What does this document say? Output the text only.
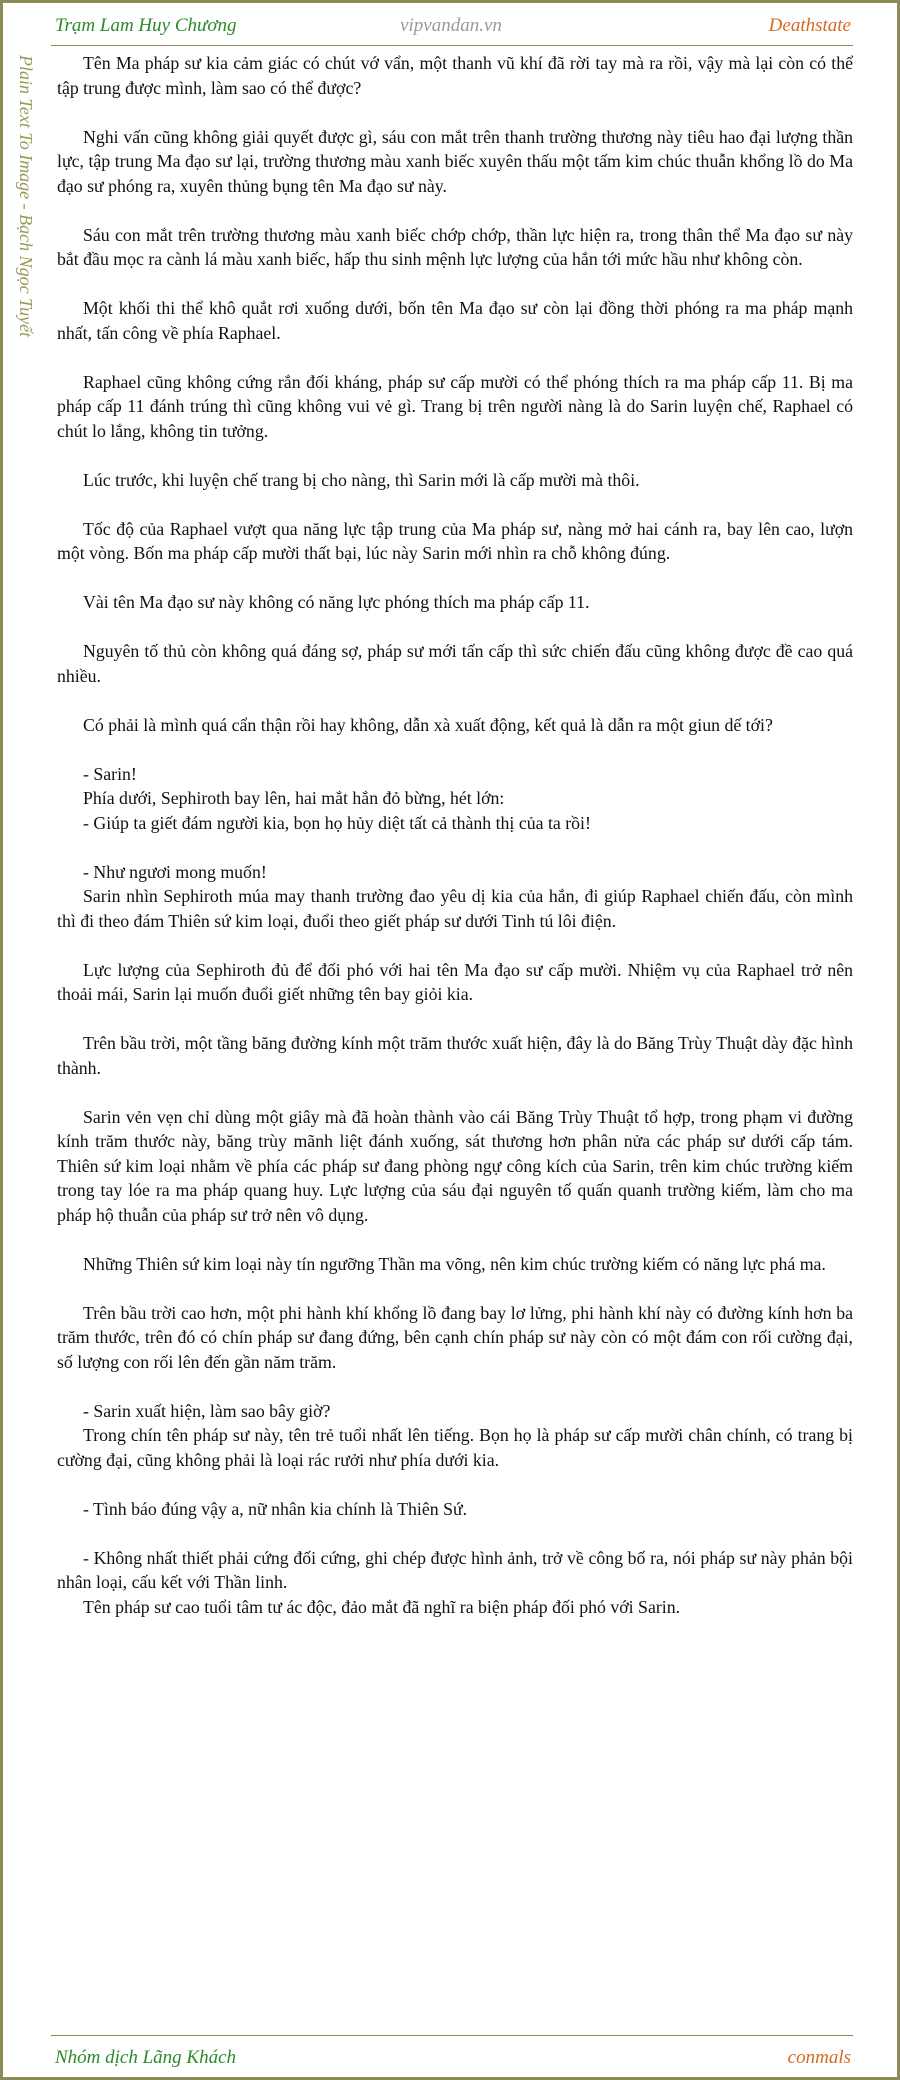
Trạm Lam Huy Chương	vipvandan.vn	Deathstate
Plain Text To Image - Bạch Ngọc Tuyết	Tên Ma pháp sư kia cảm giác có chút vớ vẩn, một thanh vũ khí đã rời tay mà ra rồi, vậy mà lại còn có thể tập trung được mình, làm sao có thể được?

Nghi vấn cũng không giải quyết được gì, sáu con mắt trên thanh trường thương này tiêu hao đại lượng thần lực, tập trung Ma đạo sư lại, trường thương màu xanh biếc xuyên thấu một tấm kim chúc thuẫn khổng lồ do Ma đạo sư phóng ra, xuyên thủng bụng tên Ma đạo sư này.

Sáu con mắt trên trường thương màu xanh biếc chớp chớp, thần lực hiện ra, trong thân thể Ma đạo sư này bắt đầu mọc ra cành lá màu xanh biếc, hấp thu sinh mệnh lực lượng của hắn tới mức hầu như không còn.

Một khối thi thể khô quắt rơi xuống dưới, bốn tên Ma đạo sư còn lại đồng thời phóng ra ma pháp mạnh nhất, tấn công về phía Raphael.

Raphael cũng không cứng rắn đối kháng, pháp sư cấp mười có thể phóng thích ra ma pháp cấp 11. Bị ma pháp cấp 11 đánh trúng thì cũng không vui vẻ gì. Trang bị trên người nàng là do Sarin luyện chế, Raphael có chút lo lắng, không tin tưởng.

Lúc trước, khi luyện chế trang bị cho nàng, thì Sarin mới là cấp mười mà thôi.

Tốc độ của Raphael vượt qua năng lực tập trung của Ma pháp sư, nàng mở hai cánh ra, bay lên cao, lượn một vòng. Bốn ma pháp cấp mười thất bại, lúc này Sarin mới nhìn ra chỗ không đúng.

Vài tên Ma đạo sư này không có năng lực phóng thích ma pháp cấp 11.

Nguyên tố thủ còn không quá đáng sợ, pháp sư mới tấn cấp thì sức chiến đấu cũng không được đề cao quá nhiều.

Có phải là mình quá cẩn thận rồi hay không, dẫn xà xuất động, kết quả là dẫn ra một giun dế tới?

- Sarin!

Phía dưới, Sephiroth bay lên, hai mắt hắn đỏ bừng, hét lớn:

- Giúp ta giết đám người kia, bọn họ hủy diệt tất cả thành thị của ta rồi!

- Như ngươi mong muốn!

Sarin nhìn Sephiroth múa may thanh trường đao yêu dị kia của hắn, đi giúp Raphael chiến đấu, còn mình thì đi theo đám Thiên sứ kim loại, đuổi theo giết pháp sư dưới Tinh tú lôi điện.

Lực lượng của Sephiroth đủ để đối phó với hai tên Ma đạo sư cấp mười. Nhiệm vụ của Raphael trở nên thoải mái, Sarin lại muốn đuổi giết những tên bay giỏi kia.

Trên bầu trời, một tầng băng đường kính một trăm thước xuất hiện, đây là do Băng Trùy Thuật dày đặc hình thành.

Sarin vẻn vẹn chỉ dùng một giây mà đã hoàn thành vào cái Băng Trùy Thuật tổ hợp, trong phạm vi đường kính trăm thước này, băng trùy mãnh liệt đánh xuống, sát thương hơn phân nửa các pháp sư dưới cấp tám. Thiên sứ kim loại nhằm về phía các pháp sư đang phòng ngự công kích của Sarin, trên kim chúc trường kiếm trong tay lóe ra ma pháp quang huy. Lực lượng của sáu đại nguyên tố quấn quanh trường kiếm, làm cho ma pháp hộ thuẫn của pháp sư trở nên vô dụng.

Những Thiên sứ kim loại này tín ngưỡng Thần ma võng, nên kim chúc trường kiếm có năng lực phá ma.

Trên bầu trời cao hơn, một phi hành khí khổng lồ đang bay lơ lửng, phi hành khí này có đường kính hơn ba trăm thước, trên đó có chín pháp sư đang đứng, bên cạnh chín pháp sư này còn có một đám con rối cường đại, số lượng con rối lên đến gần năm trăm.

- Sarin xuất hiện, làm sao bây giờ?

Trong chín tên pháp sư này, tên trẻ tuổi nhất lên tiếng. Bọn họ là pháp sư cấp mười chân chính, có trang bị cường đại, cũng không phải là loại rác rưởi như phía dưới kia.

- Tình báo đúng vậy a, nữ nhân kia chính là Thiên Sứ.

- Không nhất thiết phải cứng đối cứng, ghi chép được hình ảnh, trở về công bố ra, nói pháp sư này phản bội nhân loại, cấu kết với Thần linh.

Tên pháp sư cao tuổi tâm tư ác độc, đảo mắt đã nghĩ ra biện pháp đối phó với Sarin.

Nhóm dịch Lãng Khách	conmals
